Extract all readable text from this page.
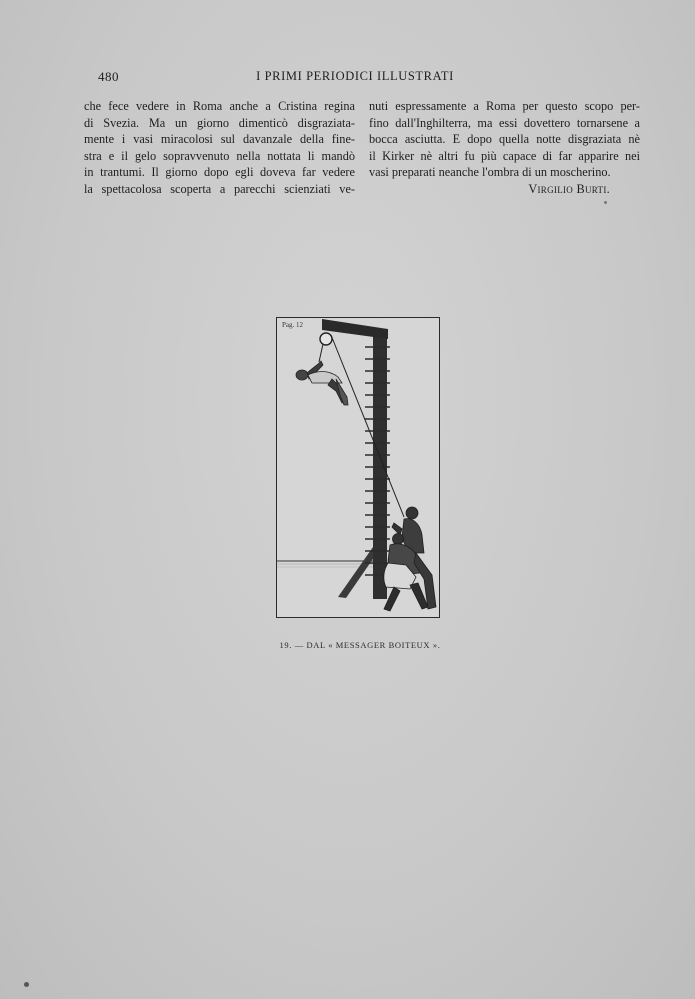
480	I PRIMI PERIODICI ILLUSTRATI
che fece vedere in Roma anche a Cristina regina
di Svezia. Ma un giorno dimenticò disgraziata-
mente i vasi miracolosi sul davanzale della fine-
stra e il gelo sopravvenuto nella nottata li mandò
in trantumi. Il giorno dopo egli doveva far vedere
la spettacolosa scoperta a parecchi scienziati ve-
nuti espressamente a Roma per questo scopo per-
fino dall'Inghilterra, ma essi dovettero tornarsene a
bocca asciutta. E dopo quella notte disgraziata nè
il Kirker nè altri fu più capace di far apparire nei
vasi preparati neanche l'ombra di un moscherino.
Virgilio Burti.
Pag. 12
19. — DAL « MESSAGER BOITEUX ».
